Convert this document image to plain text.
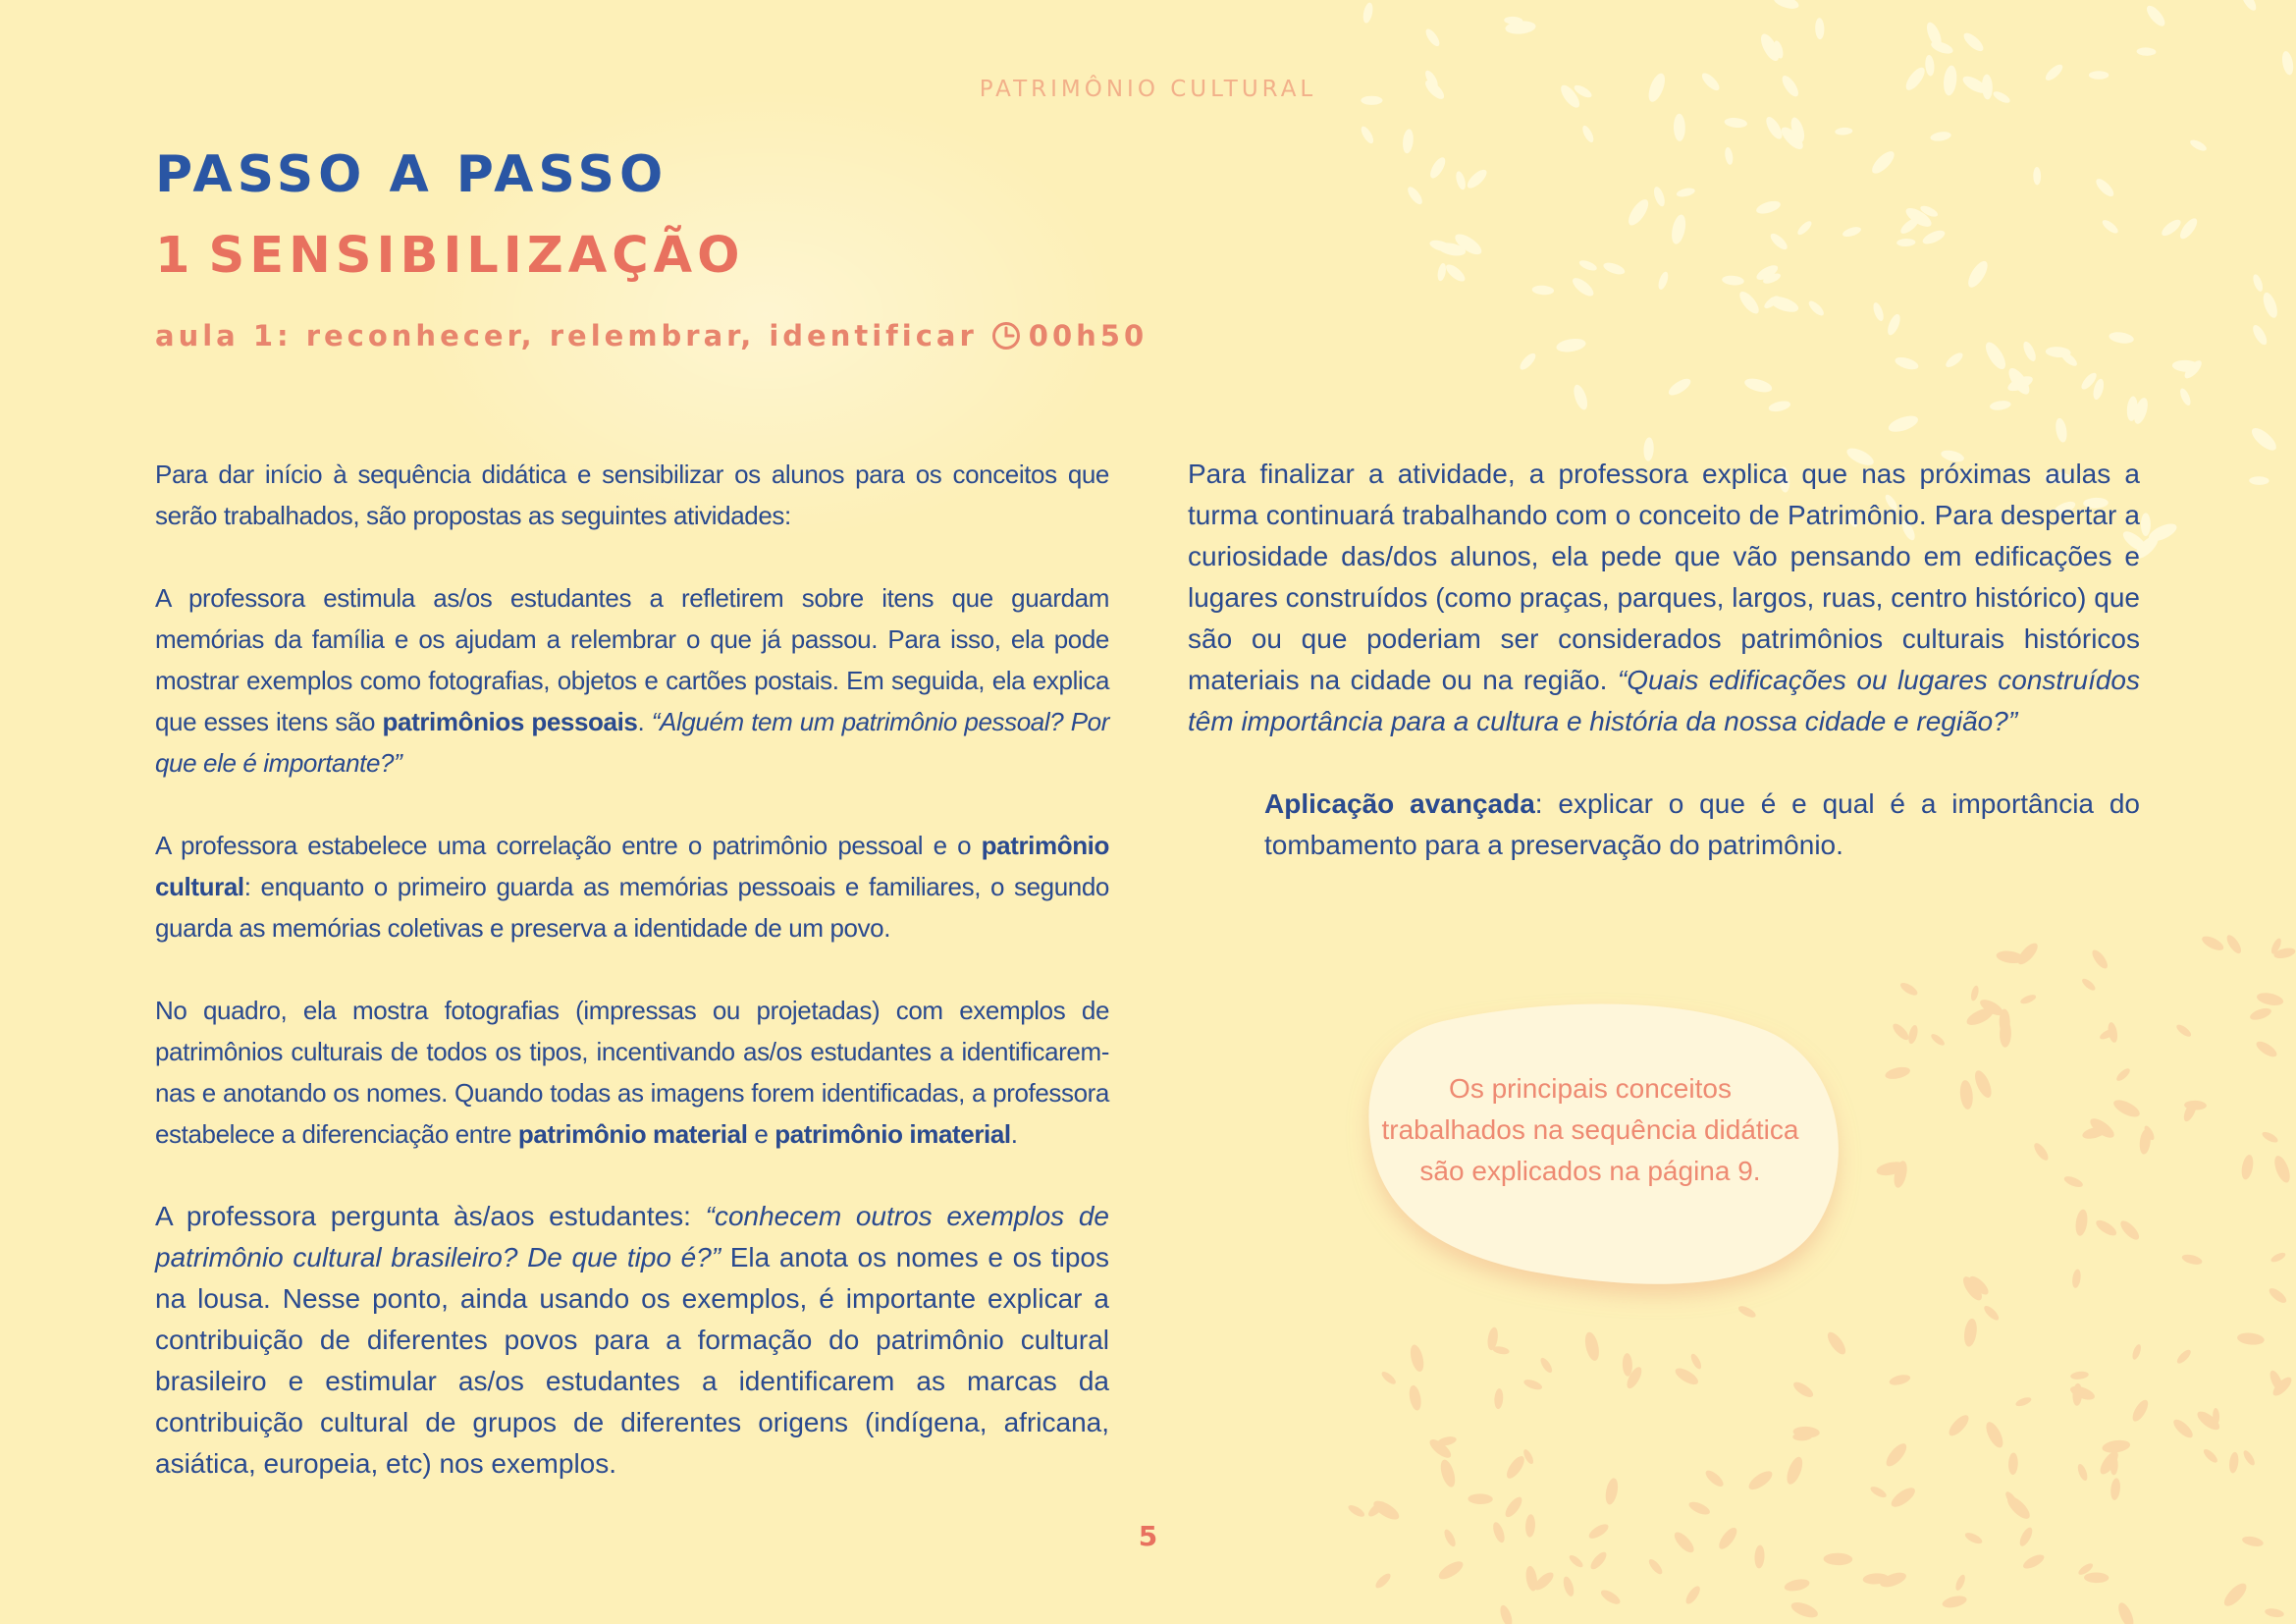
PATRIMÔNIO CULTURAL
PASSO A PASSO
1 SENSIBILIZAÇÃO
aula 1: reconhecer, relembrar, identificar 00h50

Para dar início à sequência didática e sensibilizar os alunos para os conceitos que serão trabalhados, são propostas as seguintes atividades:

A professora estimula as/os estudantes a refletirem sobre itens que guardam memórias da família e os ajudam a relembrar o que já passou. Para isso, ela pode mostrar exemplos como fotografias, objetos e cartões postais. Em seguida, ela explica que esses itens são patrimônios pessoais. “Alguém tem um patrimônio pessoal? Por que ele é importante?”

A professora estabelece uma correlação entre o patrimônio pessoal e o patrimônio cultural: enquanto o primeiro guarda as memórias pessoais e familiares, o segundo guarda as memórias coletivas e preserva a identidade de um povo.

No quadro, ela mostra fotografias (impressas ou projetadas) com exemplos de patrimônios culturais de todos os tipos, incentivando as/os estudantes a identificarem-nas e anotando os nomes. Quando todas as imagens forem identificadas, a professora estabelece a diferenciação entre patrimônio material e patrimônio imaterial.

A professora pergunta às/aos estudantes: “conhecem outros exemplos de patrimônio cultural brasileiro? De que tipo é?” Ela anota os nomes e os tipos na lousa. Nesse ponto, ainda usando os exemplos, é importante explicar a contribuição de diferentes povos para a formação do patrimônio cultural brasileiro e estimular as/os estudantes a identificarem as marcas da contribuição cultural de grupos de diferentes origens (indígena, africana, asiática, europeia, etc) nos exemplos.

Para finalizar a atividade, a professora explica que nas próximas aulas a turma continuará trabalhando com o conceito de Patrimônio. Para despertar a curiosidade das/dos alunos, ela pede que vão pensando em edificações e lugares construídos (como praças, parques, largos, ruas, centro histórico) que são ou que poderiam ser considerados patrimônios culturais históricos materiais na cidade ou na região. “Quais edificações ou lugares construídos têm importância para a cultura e história da nossa cidade e região?”

Aplicação avançada: explicar o que é e qual é a importância do tombamento para a preservação do patrimônio.

Os principais conceitos trabalhados na sequência didática são explicados na página 9.
5
